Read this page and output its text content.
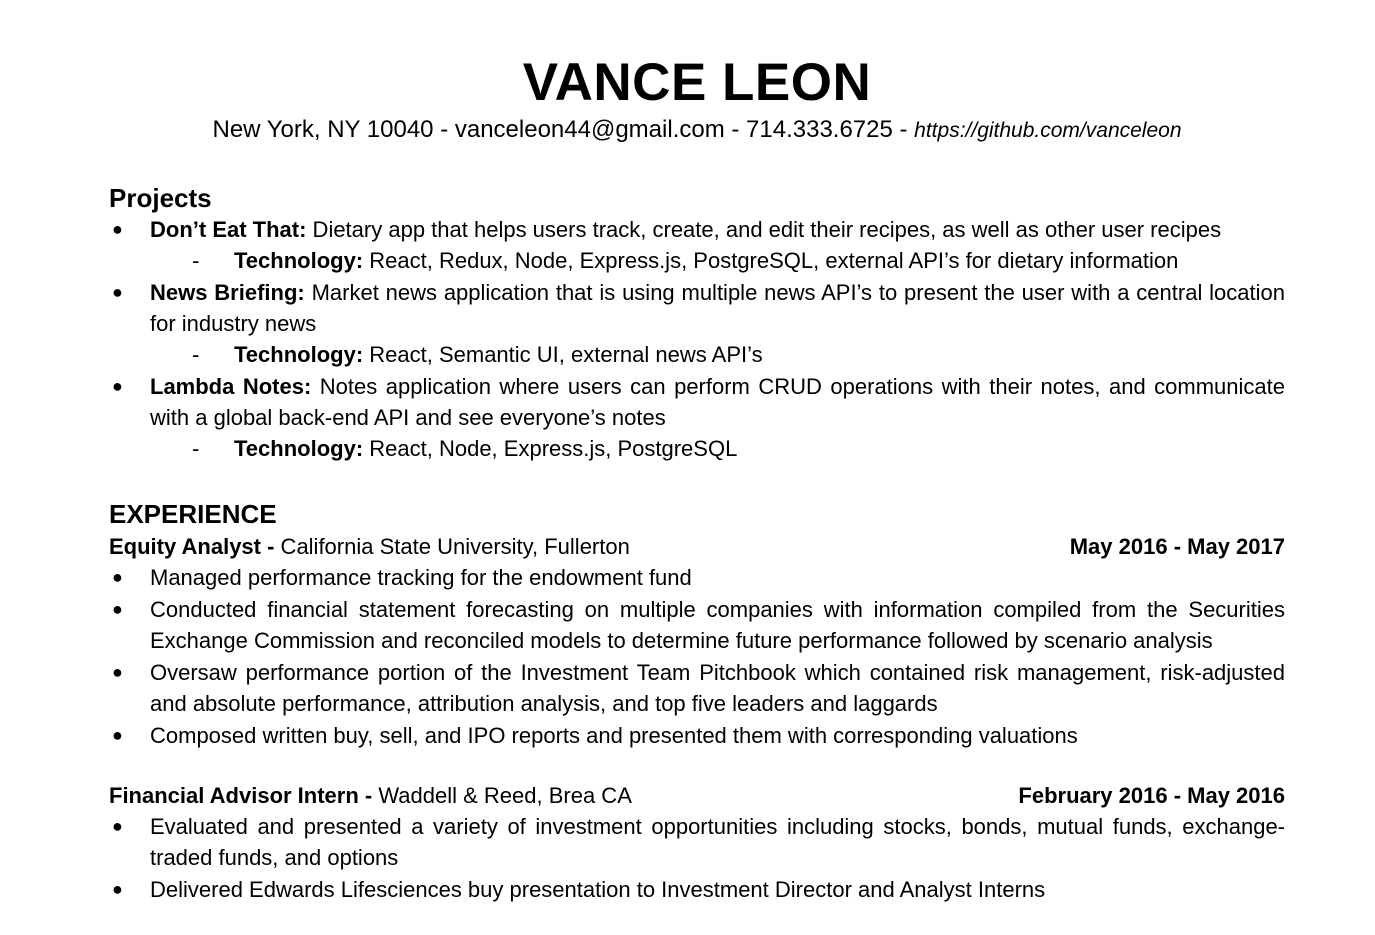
VANCE LEON
New York, NY 10040 - vanceleon44@gmail.com - 714.333.6725 - https://github.com/vanceleon
Projects
● Don’t Eat That: Dietary app that helps users track, create, and edit their recipes, as well as other user recipes
- Technology: React, Redux, Node, Express.js, PostgreSQL, external API’s for dietary information
● News Briefing: Market news application that is using multiple news API’s to present the user with a central location for industry news
- Technology: React, Semantic UI, external news API’s
● Lambda Notes: Notes application where users can perform CRUD operations with their notes, and communicate with a global back-end API and see everyone’s notes
- Technology: React, Node, Express.js, PostgreSQL
EXPERIENCE
Equity Analyst - California State University, Fullerton	May 2016 - May 2017
● Managed performance tracking for the endowment fund
● Conducted financial statement forecasting on multiple companies with information compiled from the Securities Exchange Commission and reconciled models to determine future performance followed by scenario analysis
● Oversaw performance portion of the Investment Team Pitchbook which contained risk management, risk-adjusted and absolute performance, attribution analysis, and top five leaders and laggards
● Composed written buy, sell, and IPO reports and presented them with corresponding valuations
Financial Advisor Intern - Waddell & Reed, Brea CA	February 2016 - May 2016
● Evaluated and presented a variety of investment opportunities including stocks, bonds, mutual funds, exchange-traded funds, and options
● Delivered Edwards Lifesciences buy presentation to Investment Director and Analyst Interns
